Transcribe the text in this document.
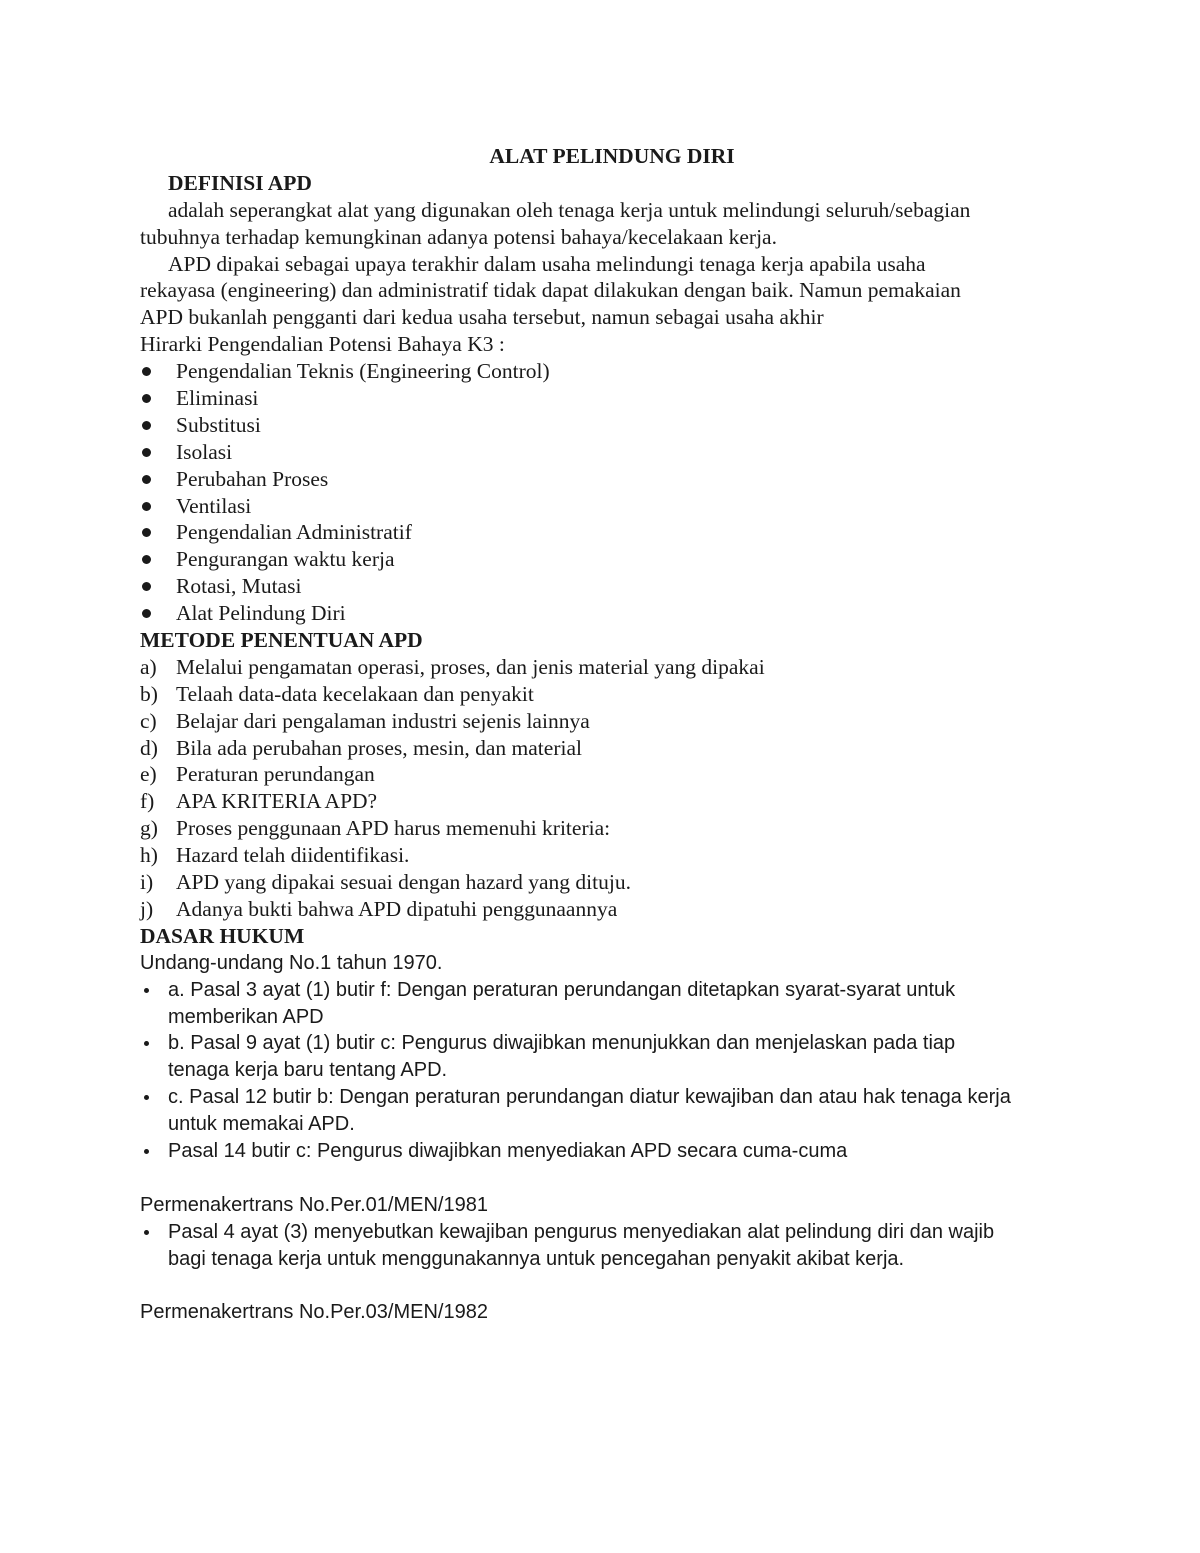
ALAT PELINDUNG DIRI
DEFINISI APD
adalah seperangkat alat yang digunakan oleh tenaga kerja untuk melindungi seluruh/sebagian
tubuhnya terhadap kemungkinan adanya potensi bahaya/kecelakaan kerja.
APD dipakai sebagai upaya terakhir dalam usaha melindungi tenaga kerja apabila usaha
rekayasa (engineering) dan administratif tidak dapat dilakukan dengan baik. Namun pemakaian
APD bukanlah pengganti dari kedua usaha tersebut, namun sebagai usaha akhir
Hirarki Pengendalian Potensi Bahaya K3 :
Pengendalian Teknis (Engineering Control)
Eliminasi
Substitusi
Isolasi
Perubahan Proses
Ventilasi
Pengendalian Administratif
Pengurangan waktu kerja
Rotasi, Mutasi
Alat Pelindung Diri
METODE PENENTUAN APD
a) Melalui pengamatan operasi, proses, dan jenis material yang dipakai
b) Telaah data-data kecelakaan dan penyakit
c) Belajar dari pengalaman industri sejenis lainnya
d) Bila ada perubahan proses, mesin, dan material
e) Peraturan perundangan
f)	APA KRITERIA APD?
g) Proses penggunaan APD harus memenuhi kriteria:
h) Hazard telah diidentifikasi.
i)	APD yang dipakai sesuai dengan hazard yang dituju.
j)	Adanya bukti bahwa APD dipatuhi penggunaannya
DASAR HUKUM
Undang-undang No.1 tahun 1970.
a. Pasal 3 ayat (1) butir f: Dengan peraturan perundangan ditetapkan syarat-syarat untuk
memberikan APD
b. Pasal 9 ayat (1) butir c: Pengurus diwajibkan menunjukkan dan menjelaskan pada tiap
tenaga kerja baru tentang APD.
c. Pasal 12 butir b: Dengan peraturan perundangan diatur kewajiban dan atau hak tenaga kerja
untuk memakai APD.
Pasal 14 butir c: Pengurus diwajibkan menyediakan APD secara cuma-cuma
Permenakertrans No.Per.01/MEN/1981
Pasal 4 ayat (3) menyebutkan kewajiban pengurus menyediakan alat pelindung diri dan wajib
bagi tenaga kerja untuk menggunakannya untuk pencegahan penyakit akibat kerja.
Permenakertrans No.Per.03/MEN/1982
